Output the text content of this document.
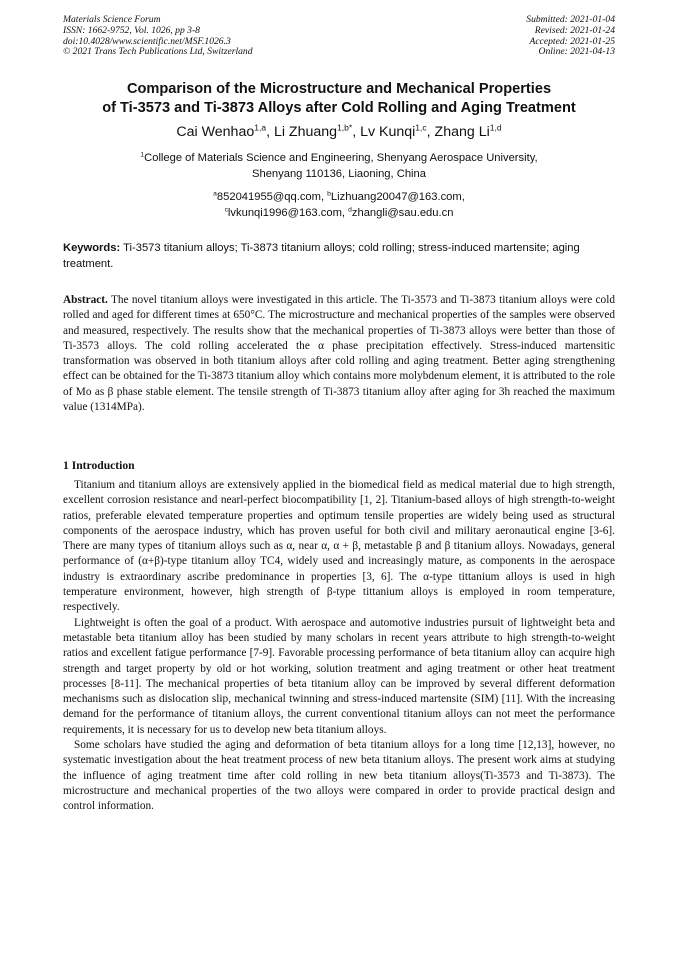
Materials Science Forum
ISSN: 1662-9752, Vol. 1026, pp 3-8
doi:10.4028/www.scientific.net/MSF.1026.3
© 2021 Trans Tech Publications Ltd, Switzerland
Submitted: 2021-01-04
Revised: 2021-01-24
Accepted: 2021-01-25
Online: 2021-04-13
Comparison of the Microstructure and Mechanical Properties
of Ti-3573 and Ti-3873 Alloys after Cold Rolling and Aging Treatment
Cai Wenhao$^{1,a}$, Li Zhuang$^{1,b*}$, Lv Kunqi$^{1,c}$, Zhang Li$^{1,d}$
$^1$College of Materials Science and Engineering, Shenyang Aerospace University,
Shenyang 110136, Liaoning, China
$^a$852041955@qq.com, $^b$Lizhuang20047@163.com,
$^c$lvkunqi1996@163.com, $^d$zhangli@sau.edu.cn
Keywords: Ti-3573 titanium alloys; Ti-3873 titanium alloys; cold rolling; stress-induced martensite; aging treatment.

Abstract. The novel titanium alloys were investigated in this article. The Ti-3573 and Ti-3873 titanium alloys were cold rolled and aged for different times at 650°C. The microstructure and mechanical properties of the samples were observed and measured, respectively. The results show that the mechanical properties of Ti-3873 alloys were better than those of Ti-3573 alloys. The cold rolling accelerated the α phase precipitation effectively. Stress-induced martensitic transformation was observed in both titanium alloys after cold rolling and aging treatment. Better aging strengthening effect can be obtained for the Ti-3873 titanium alloy which contains more molybdenum element, it is attributed to the role of Mo as β phase stable element. The tensile strength of Ti-3873 titanium alloy after aging for 3h reached the maximum value (1314MPa).

1 Introduction

Titanium and titanium alloys are extensively applied in the biomedical field as medical material due to high strength, excellent corrosion resistance and nearl-perfect biocompatibility [1, 2]. Titanium-based alloys of high strength-to-weight ratios, preferable elevated temperature properties and optimum tensile properties are widely being used as structural components of the aerospace industry, which has proven useful for both civil and military aeronautical engine [3-6]. There are many types of titanium alloys such as α, near α, α + β, metastable β and β titanium alloys. Nowadays, general performance of (α+β)-type titanium alloy TC4, widely used and increasingly mature, as components in the aerospace industry is extraordinary ascribe predominance in properties [3, 6]. The α-type tittanium alloys is used in high temperature environment, however, high strength of β-type tittanium alloys is employed in room temperature, respectively.

Lightweight is often the goal of a product. With aerospace and automotive industries pursuit of lightweight beta and metastable beta titanium alloy has been studied by many scholars in recent years attribute to high strength-to-weight ratios and excellent fatigue performance [7-9]. Favorable processing performance of beta titanium alloy can acquire high strength and target property by old or hot working, solution treatment and aging treatment or other heat treatment processes [8-11]. The mechanical properties of beta titanium alloy can be improved by several different deformation mechanisms such as dislocation slip, mechanical twinning and stress-induced martensite (SIM) [11]. With the increasing demand for the performance of titanium alloys, the current conventional titanium alloys can not meet the performance requirements, it is necessary for us to develop new beta titanium alloys.

Some scholars have studied the aging and deformation of beta titanium alloys for a long time [12,13], however, no systematic investigation about the heat treatment process of new beta titanium alloys. The present work aims at studying the influence of aging treatment time after cold rolling in new beta titanium alloys(Ti-3573 and Ti-3873). The microstructure and mechanical properties of the two alloys were compared in order to provide practical design and control information.
